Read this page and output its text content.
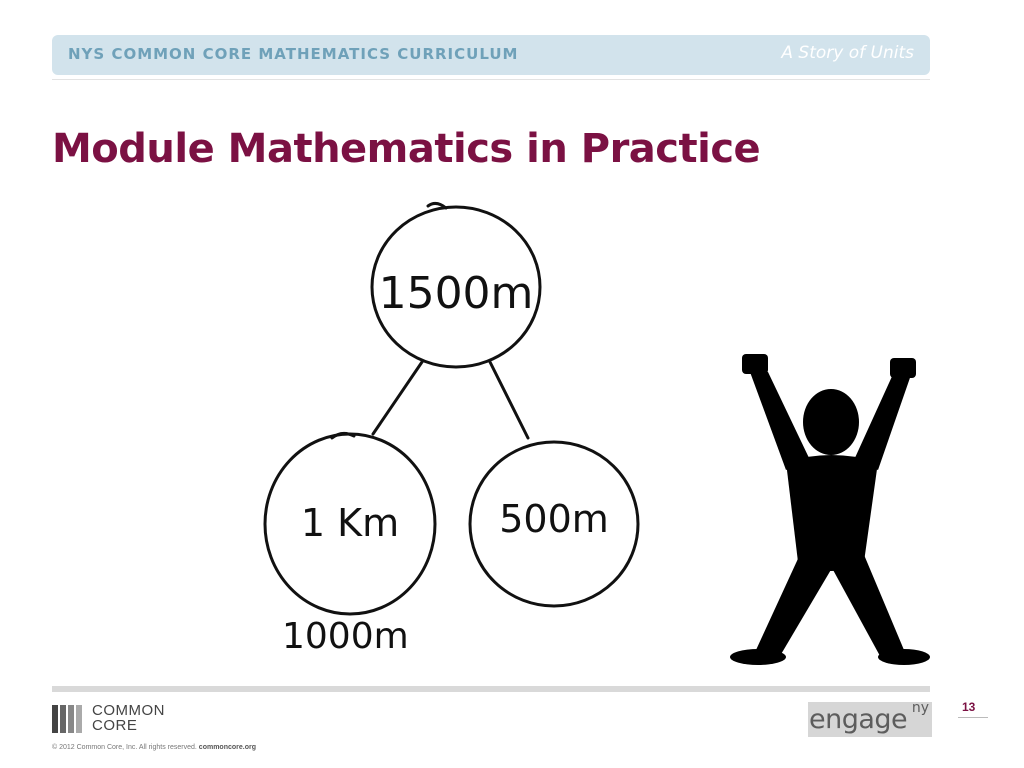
NYS COMMON CORE MATHEMATICS CURRICULUM	A Story of Units
Module Mathematics in Practice
1500m
1 Km	500m
1000m
COMMON
CORE
© 2012 Common Core, Inc. All rights reserved. commoncore.org
engage ny	13
